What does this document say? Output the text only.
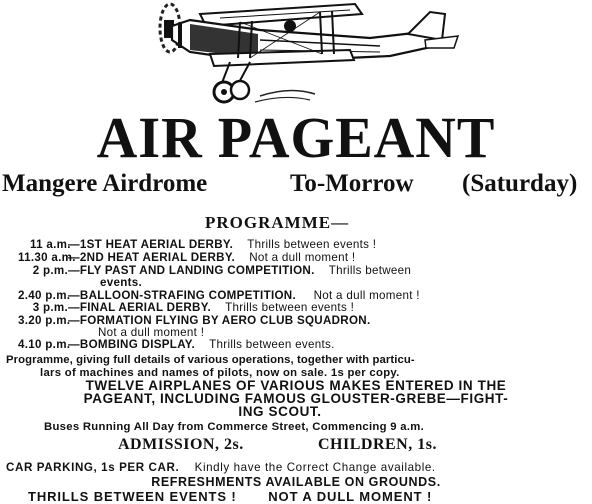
AIR PAGEANT
Mangere Airdrome	To-Morrow (Saturday)
PROGRAMME—
11 a.m.—1ST HEAT AERIAL DERBY. Thrills between events !
11.30 a.m.—2ND HEAT AERIAL DERBY. Not a dull moment !
2 p.m.—FLY PAST AND LANDING COMPETITION. Thrills between
events.
2.40 p.m.—BALLOON-STRAFING COMPETITION. Not a dull moment !
3 p.m.—FINAL AERIAL DERBY. Thrills between events !
3.20 p.m.—FORMATION FLYING BY AERO CLUB SQUADRON.
Not a dull moment !
4.10 p.m.—BOMBING DISPLAY. Thrills between events.
Programme, giving full details of various operations, together with particu-
lars of machines and names of pilots, now on sale. 1s per copy.
TWELVE AIRPLANES OF VARIOUS MAKES ENTERED IN THE
PAGEANT, INCLUDING FAMOUS GLOUSTER-GREBE—FIGHT-
ING SCOUT.
Buses Running All Day from Commerce Street, Commencing 9 a.m.
ADMISSION, 2s.	CHILDREN, 1s.
CAR PARKING, 1s PER CAR. Kindly have the Correct Change available.
REFRESHMENTS AVAILABLE ON GROUNDS.
THRILLS BETWEEN EVENTS ! NOT A DULL MOMENT !
